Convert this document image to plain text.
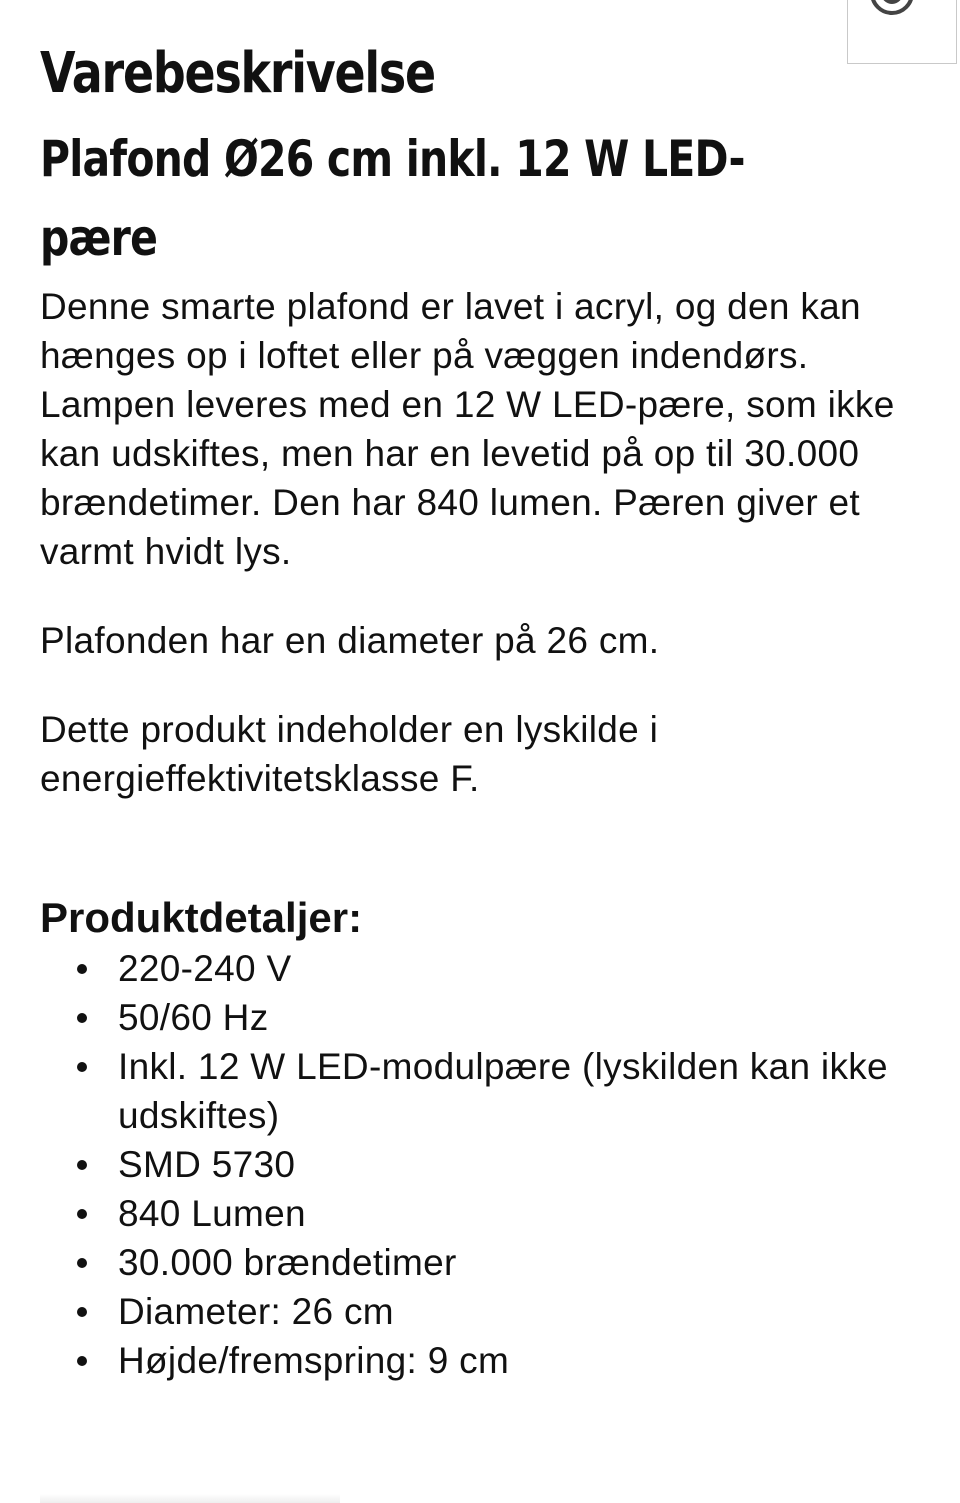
Varebeskrivelse
Plafond Ø26 cm inkl. 12 W LED-pære

Denne smarte plafond er lavet i acryl, og den kan hænges op i loftet eller på væggen indendørs. Lampen leveres med en 12 W LED-pære, som ikke kan udskiftes, men har en levetid på op til 30.000 brændetimer. Den har 840 lumen. Pæren giver et varmt hvidt lys.

Plafonden har en diameter på 26 cm.

Dette produkt indeholder en lyskilde i energieffektivitetsklasse F.

Produktdetaljer:
220-240 V
50/60 Hz
Inkl. 12 W LED-modulpære (lyskilden kan ikke udskiftes)
SMD 5730
840 Lumen
30.000 brændetimer
Diameter: 26 cm
Højde/fremspring: 9 cm
